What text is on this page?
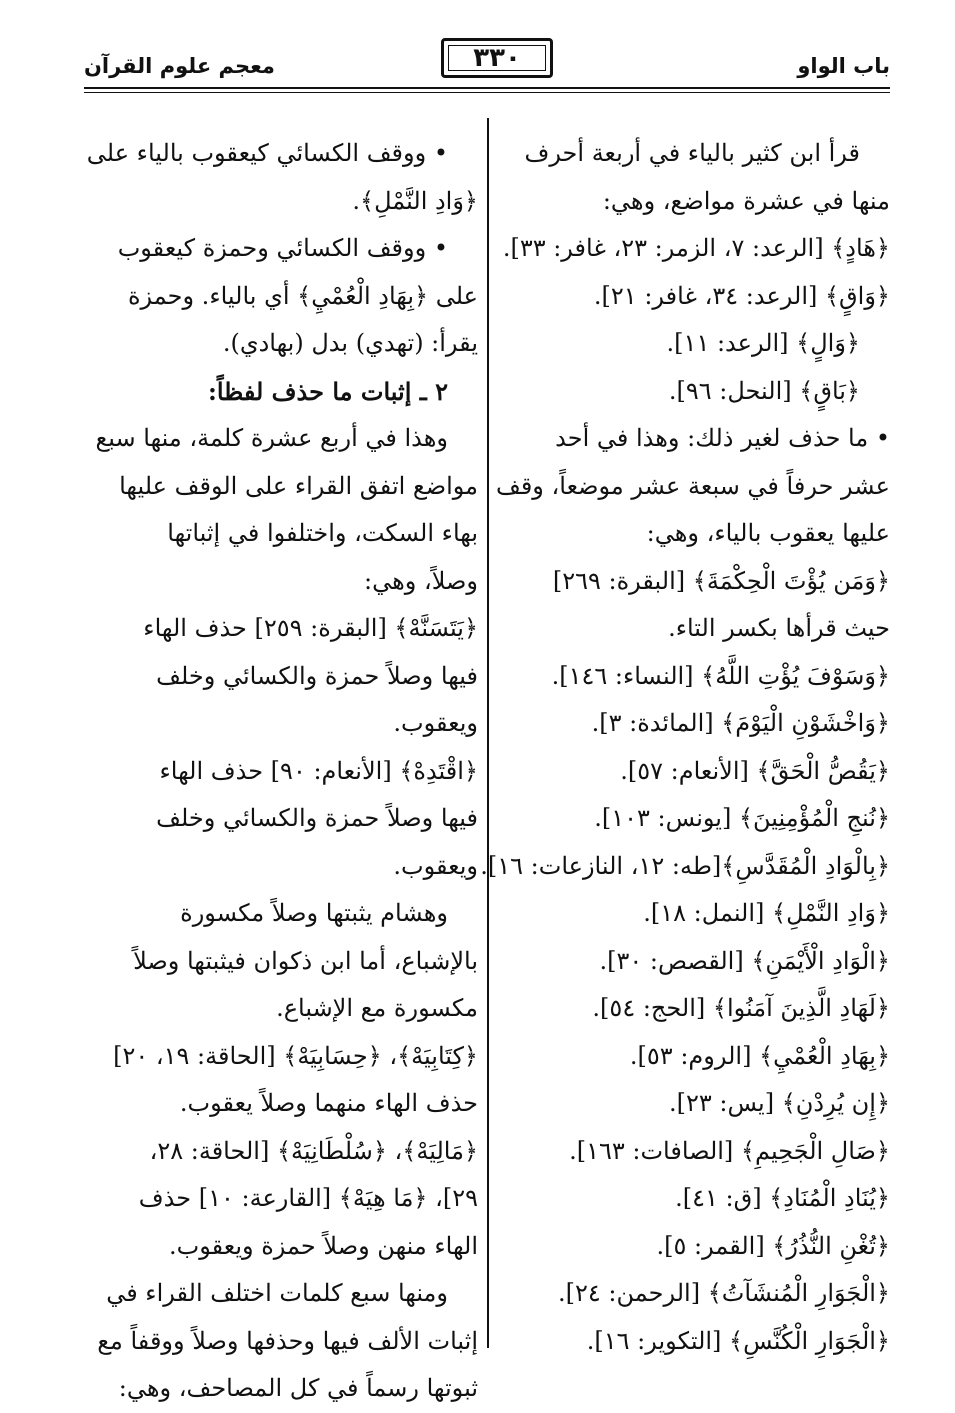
باب الواو
٣٣٠
معجم علوم القرآن
قرأ ابن كثير بالياء في أربعة أحرف
منها في عشرة مواضع، وهي:
﴿هَادٍ﴾ [الرعد: ٧، الزمر: ٢٣، غافر: ٣٣].
﴿وَاقٍ﴾ [الرعد: ٣٤، غافر: ٢١].
﴿وَالٍ﴾ [الرعد: ١١].
﴿بَاقٍ﴾ [النحل: ٩٦].
• ما حذف لغير ذلك: وهذا في أحد
عشر حرفاً في سبعة عشر موضعاً، وقف
عليها يعقوب بالياء، وهي:
﴿وَمَن يُؤْتَ الْحِكْمَةَ﴾ [البقرة: ٢٦٩]
حيث قرأها بكسر التاء.
﴿وَسَوْفَ يُؤْتِ اللَّهُ﴾ [النساء: ١٤٦].
﴿وَاخْشَوْنِ الْيَوْمَ﴾ [المائدة: ٣].
﴿يَقُصُّ الْحَقَّ﴾ [الأنعام: ٥٧].
﴿نُنجِ الْمُؤْمِنِينَ﴾ [يونس: ١٠٣].
﴿بِالْوَادِ الْمُقَدَّسِ﴾[طه: ١٢، النازعات: ١٦].
﴿وَادِ النَّمْلِ﴾ [النمل: ١٨].
﴿الْوَادِ الْأَيْمَنِ﴾ [القصص: ٣٠].
﴿لَهَادِ الَّذِينَ آمَنُوا﴾ [الحج: ٥٤].
﴿بِهَادِ الْعُمْيِ﴾ [الروم: ٥٣].
﴿إِن يُرِدْنِ﴾ [يس: ٢٣].
﴿صَالِ الْجَحِيمِ﴾ [الصافات: ١٦٣].
﴿يُنَادِ الْمُنَادِ﴾ [ق: ٤١].
﴿تُغْنِ النُّذُرُ﴾ [القمر: ٥].
﴿الْجَوَارِ الْمُنشَآتُ﴾ [الرحمن: ٢٤].
﴿الْجَوَارِ الْكُنَّسِ﴾ [التكوير: ١٦].
• ووقف الكسائي كيعقوب بالياء على
﴿وَادِ النَّمْلِ﴾.
• ووقف الكسائي وحمزة كيعقوب
على ﴿بِهَادِ الْعُمْيِ﴾ أي بالياء. وحمزة
يقرأ: (تهدي) بدل (بهادي).
٢ ـ إثبات ما حذف لفظاً:
وهذا في أربع عشرة كلمة، منها سبع
مواضع اتفق القراء على الوقف عليها
بهاء السكت، واختلفوا في إثباتها
وصلاً، وهي:
﴿يَتَسَنَّهْ﴾ [البقرة: ٢٥٩] حذف الهاء
فيها وصلاً حمزة والكسائي وخلف
ويعقوب.
﴿اقْتَدِهْ﴾ [الأنعام: ٩٠] حذف الهاء
فيها وصلاً حمزة والكسائي وخلف
ويعقوب.
وهشام يثبتها وصلاً مكسورة
بالإشباع، أما ابن ذكوان فيثبتها وصلاً
مكسورة مع الإشباع.
﴿كِتَابِيَهْ﴾، ﴿حِسَابِيَهْ﴾ [الحاقة: ١٩، ٢٠]
حذف الهاء منهما وصلاً يعقوب.
﴿مَالِيَهْ﴾، ﴿سُلْطَانِيَهْ﴾ [الحاقة: ٢٨،
٢٩]، ﴿مَا هِيَهْ﴾ [القارعة: ١٠] حذف
الهاء منهن وصلاً حمزة ويعقوب.
ومنها سبع كلمات اختلف القراء في
إثبات الألف فيها وحذفها وصلاً ووقفاً مع
ثبوتها رسماً في كل المصاحف، وهي:
